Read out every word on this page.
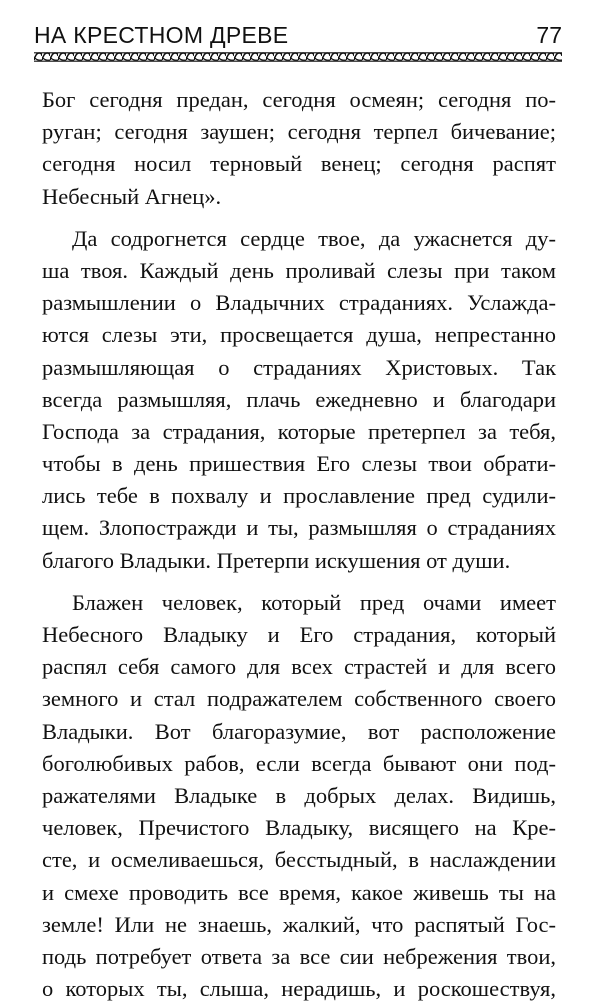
НА КРЕСТНОМ ДРЕВЕ	77
Бог сегодня предан, сегодня осмеян; сегодня по-
руган; сегодня заушен; сегодня терпел бичевание;
сегодня носил терновый венец; сегодня распят
Небесный Агнец».
Да содрогнется сердце твое, да ужаснется ду-
ша твоя. Каждый день проливай слезы при таком
размышлении о Владычних страданиях. Услажда-
ются слезы эти, просвещается душа, непрестанно
размышляющая о страданиях Христовых. Так
всегда размышляя, плачь ежедневно и благодари
Господа за страдания, которые претерпел за тебя,
чтобы в день пришествия Его слезы твои обрати-
лись тебе в похвалу и прославление пред судили-
щем. Злопостражди и ты, размышляя о страданиях
благого Владыки. Претерпи искушения от души.
Блажен человек, который пред очами имеет
Небесного Владыку и Его страдания, который
распял себя самого для всех страстей и для всего
земного и стал подражателем собственного своего
Владыки. Вот благоразумие, вот расположение
боголюбивых рабов, если всегда бывают они под-
ражателями Владыке в добрых делах. Видишь,
человек, Пречистого Владыку, висящего на Кре-
сте, и осмеливаешься, бесстыдный, в наслаждении
и смехе проводить все время, какое живешь ты на
земле! Или не знаешь, жалкий, что распятый Гос-
подь потребует ответа за все сии небрежения твои,
о которых ты, слыша, нерадишь, и роскошествуя,
